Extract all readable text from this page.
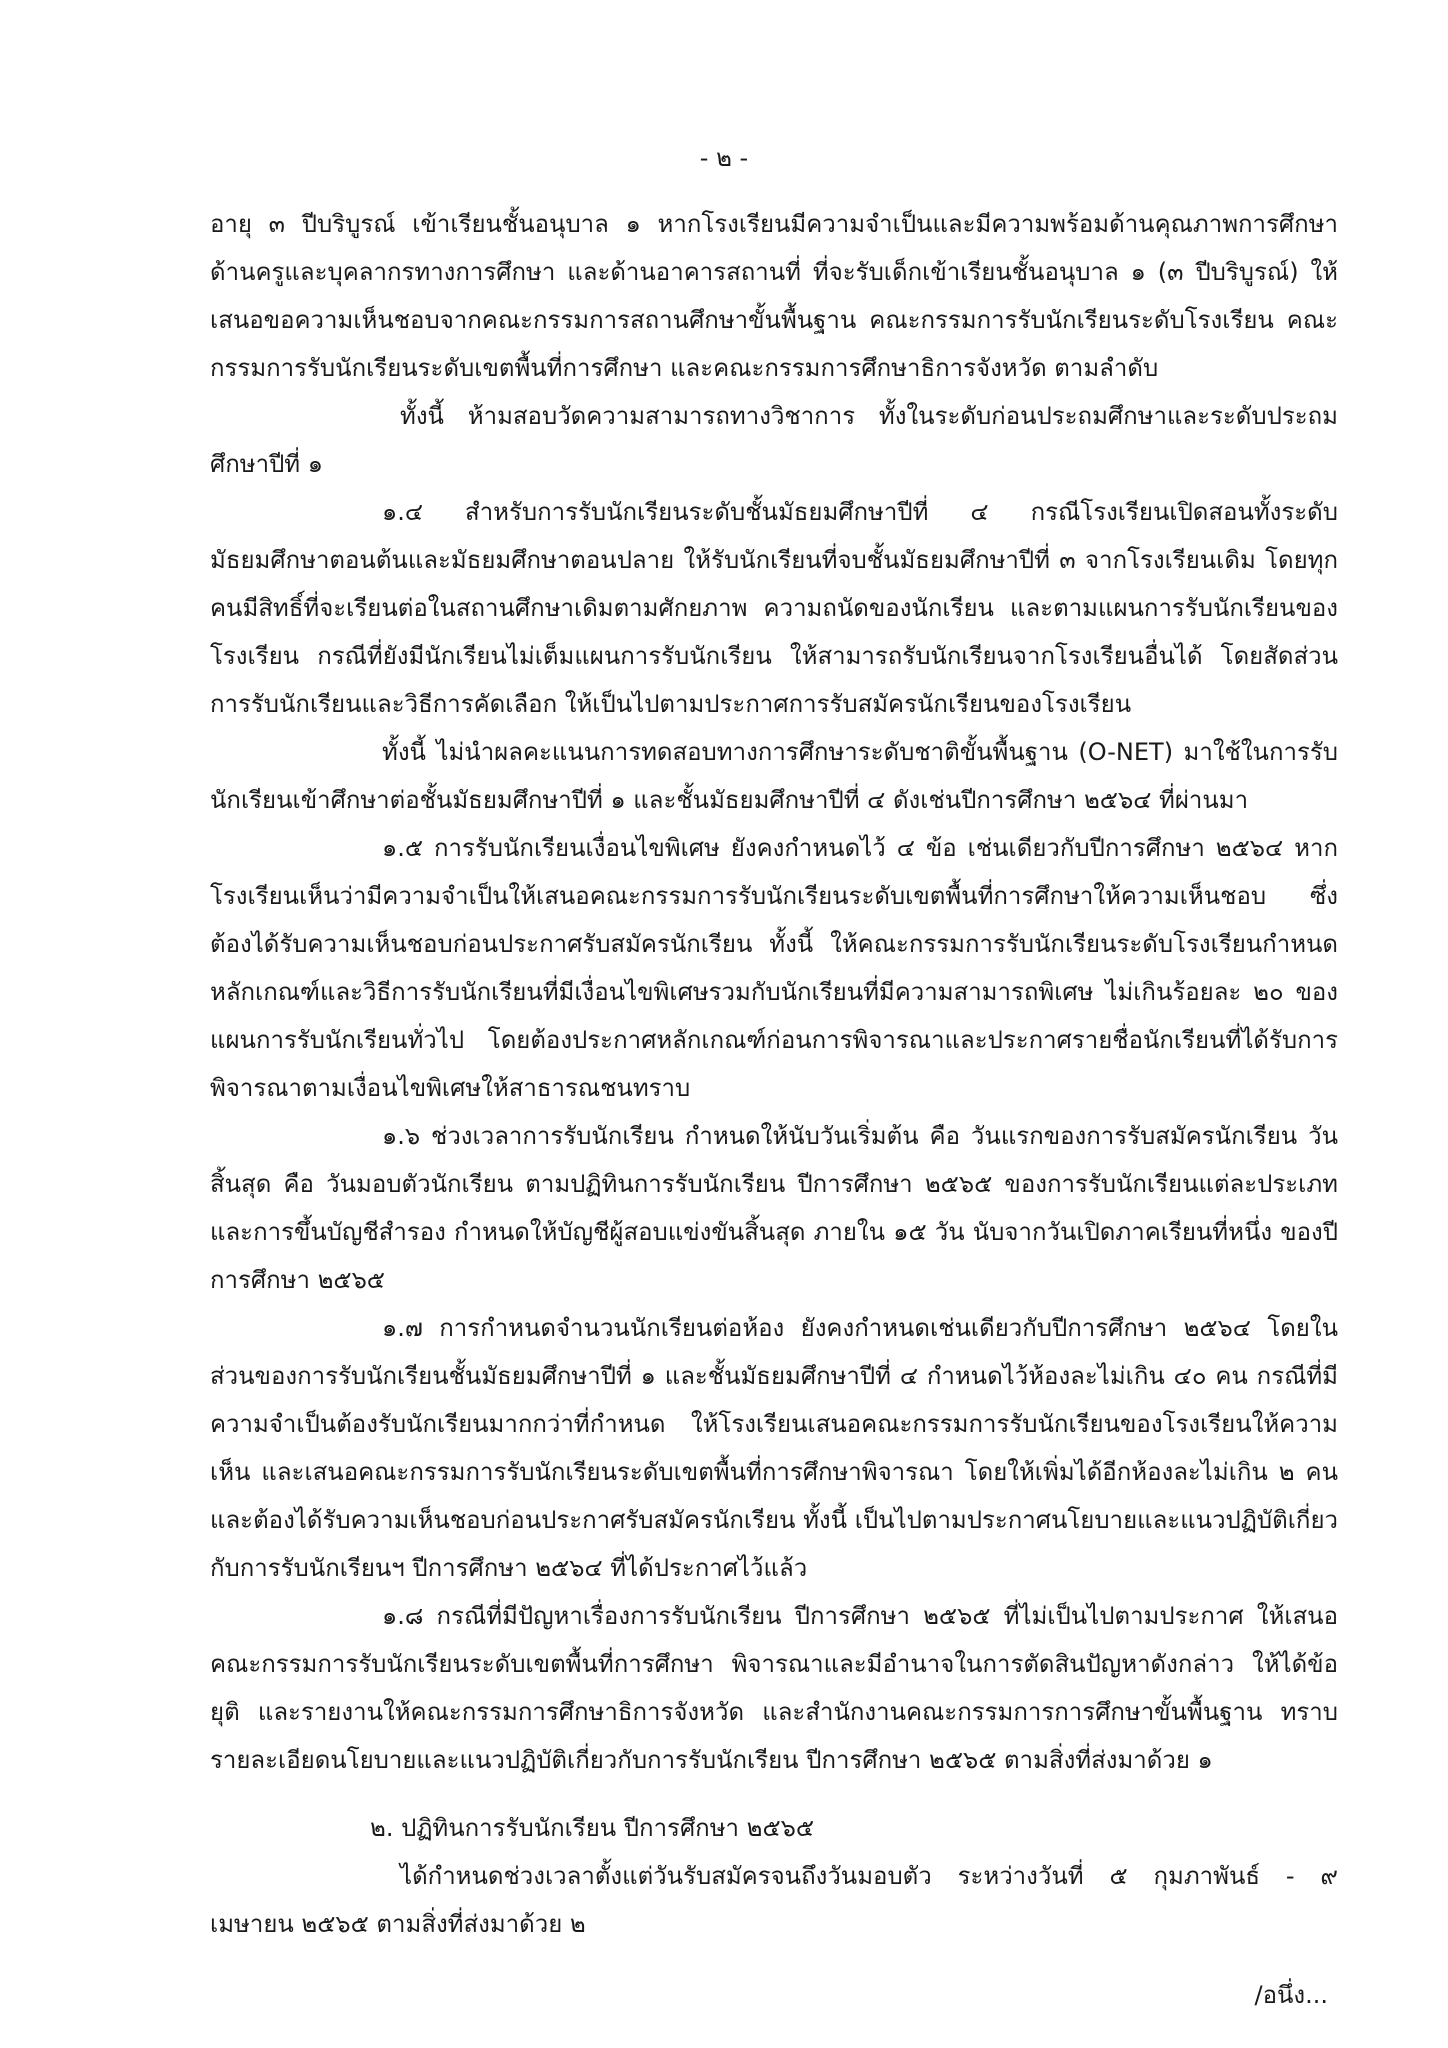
- ๒ -

อายุ ๓ ปีบริบูรณ์ เข้าเรียนชั้นอนุบาล ๑ หากโรงเรียนมีความจำเป็นและมีความพร้อมด้านคุณภาพการศึกษา ด้านครูและบุคลากรทางการศึกษา และด้านอาคารสถานที่ ที่จะรับเด็กเข้าเรียนชั้นอนุบาล ๑ (๓ ปีบริบูรณ์) ให้เสนอขอความเห็นชอบจากคณะกรรมการสถานศึกษาขั้นพื้นฐาน คณะกรรมการรับนักเรียนระดับโรงเรียน คณะกรรมการรับนักเรียนระดับเขตพื้นที่การศึกษา และคณะกรรมการศึกษาธิการจังหวัด ตามลำดับ

ทั้งนี้ ห้ามสอบวัดความสามารถทางวิชาการ ทั้งในระดับก่อนประถมศึกษาและระดับประถมศึกษาปีที่ ๑

๑.๔ สำหรับการรับนักเรียนระดับชั้นมัธยมศึกษาปีที่ ๔ กรณีโรงเรียนเปิดสอนทั้งระดับมัธยมศึกษาตอนต้นและมัธยมศึกษาตอนปลาย ให้รับนักเรียนที่จบชั้นมัธยมศึกษาปีที่ ๓ จากโรงเรียนเดิม โดยทุกคนมีสิทธิ์ที่จะเรียนต่อในสถานศึกษาเดิมตามศักยภาพ ความถนัดของนักเรียน และตามแผนการรับนักเรียนของโรงเรียน กรณีที่ยังมีนักเรียนไม่เต็มแผนการรับนักเรียน ให้สามารถรับนักเรียนจากโรงเรียนอื่นได้ โดยสัดส่วนการรับนักเรียนและวิธีการคัดเลือก ให้เป็นไปตามประกาศการรับสมัครนักเรียนของโรงเรียน

ทั้งนี้ ไม่นำผลคะแนนการทดสอบทางการศึกษาระดับชาติขั้นพื้นฐาน (O-NET) มาใช้ในการรับนักเรียนเข้าศึกษาต่อชั้นมัธยมศึกษาปีที่ ๑ และชั้นมัธยมศึกษาปีที่ ๔ ดังเช่นปีการศึกษา ๒๕๖๔ ที่ผ่านมา

๑.๕ การรับนักเรียนเงื่อนไขพิเศษ ยังคงกำหนดไว้ ๔ ข้อ เช่นเดียวกับปีการศึกษา ๒๕๖๔ หากโรงเรียนเห็นว่ามีความจำเป็นให้เสนอคณะกรรมการรับนักเรียนระดับเขตพื้นที่การศึกษาให้ความเห็นชอบ ซึ่งต้องได้รับความเห็นชอบก่อนประกาศรับสมัครนักเรียน ทั้งนี้ ให้คณะกรรมการรับนักเรียนระดับโรงเรียนกำหนดหลักเกณฑ์และวิธีการรับนักเรียนที่มีเงื่อนไขพิเศษรวมกับนักเรียนที่มีความสามารถพิเศษ ไม่เกินร้อยละ ๒๐ ของแผนการรับนักเรียนทั่วไป โดยต้องประกาศหลักเกณฑ์ก่อนการพิจารณาและประกาศรายชื่อนักเรียนที่ได้รับการพิจารณาตามเงื่อนไขพิเศษให้สาธารณชนทราบ

๑.๖ ช่วงเวลาการรับนักเรียน กำหนดให้นับวันเริ่มต้น คือ วันแรกของการรับสมัครนักเรียน วันสิ้นสุด คือ วันมอบตัวนักเรียน ตามปฏิทินการรับนักเรียน ปีการศึกษา ๒๕๖๕ ของการรับนักเรียนแต่ละประเภท และการขึ้นบัญชีสำรอง กำหนดให้บัญชีผู้สอบแข่งขันสิ้นสุด ภายใน ๑๕ วัน นับจากวันเปิดภาคเรียนที่หนึ่ง ของปีการศึกษา ๒๕๖๕

๑.๗ การกำหนดจำนวนนักเรียนต่อห้อง ยังคงกำหนดเช่นเดียวกับปีการศึกษา ๒๕๖๔ โดยในส่วนของการรับนักเรียนชั้นมัธยมศึกษาปีที่ ๑ และชั้นมัธยมศึกษาปีที่ ๔ กำหนดไว้ห้องละไม่เกิน ๔๐ คน กรณีที่มีความจำเป็นต้องรับนักเรียนมากกว่าที่กำหนด ให้โรงเรียนเสนอคณะกรรมการรับนักเรียนของโรงเรียนให้ความเห็น และเสนอคณะกรรมการรับนักเรียนระดับเขตพื้นที่การศึกษาพิจารณา โดยให้เพิ่มได้อีกห้องละไม่เกิน ๒ คน และต้องได้รับความเห็นชอบก่อนประกาศรับสมัครนักเรียน ทั้งนี้ เป็นไปตามประกาศนโยบายและแนวปฏิบัติเกี่ยวกับการรับนักเรียนฯ ปีการศึกษา ๒๕๖๔ ที่ได้ประกาศไว้แล้ว

๑.๘ กรณีที่มีปัญหาเรื่องการรับนักเรียน ปีการศึกษา ๒๕๖๕ ที่ไม่เป็นไปตามประกาศ ให้เสนอคณะกรรมการรับนักเรียนระดับเขตพื้นที่การศึกษา พิจารณาและมีอำนาจในการตัดสินปัญหาดังกล่าว ให้ได้ข้อยุติ และรายงานให้คณะกรรมการศึกษาธิการจังหวัด และสำนักงานคณะกรรมการการศึกษาขั้นพื้นฐาน ทราบรายละเอียดนโยบายและแนวปฏิบัติเกี่ยวกับการรับนักเรียน ปีการศึกษา ๒๕๖๕ ตามสิ่งที่ส่งมาด้วย ๑

๒. ปฏิทินการรับนักเรียน ปีการศึกษา ๒๕๖๕

ได้กำหนดช่วงเวลาตั้งแต่วันรับสมัครจนถึงวันมอบตัว ระหว่างวันที่ ๕ กุมภาพันธ์ - ๙ เมษายน ๒๕๖๕ ตามสิ่งที่ส่งมาด้วย ๒

/อนึ่ง...
